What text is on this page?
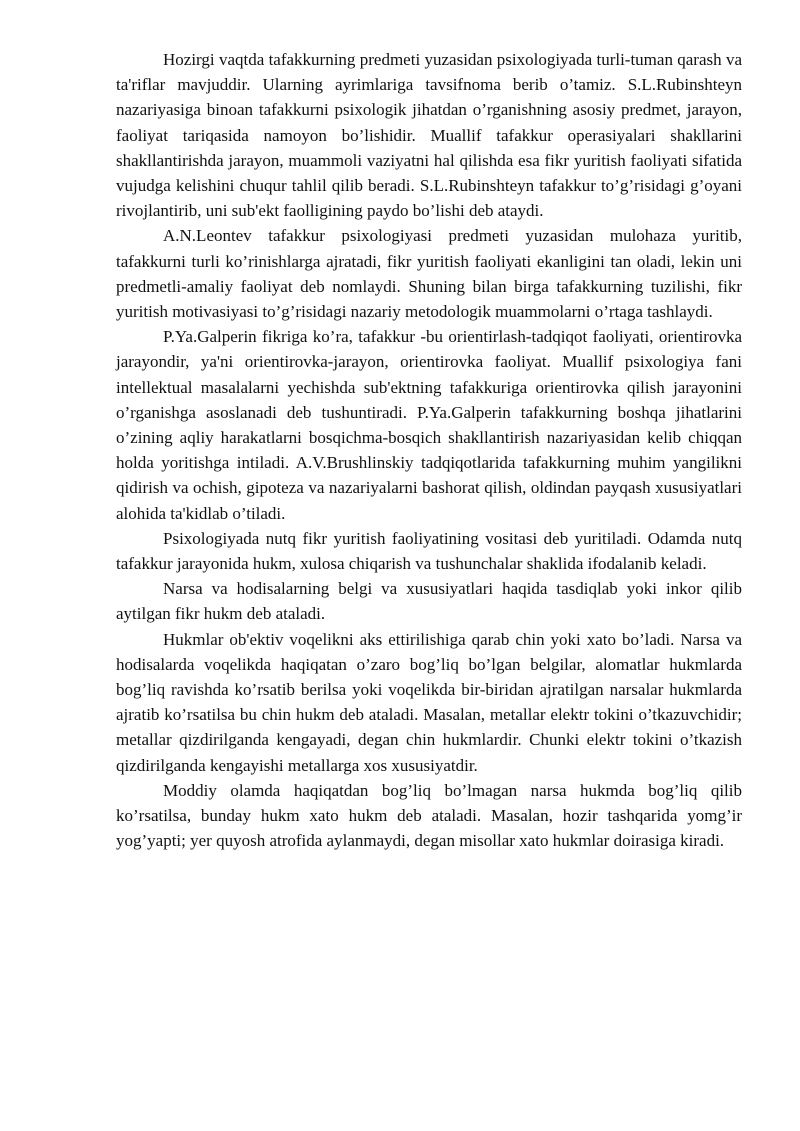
Hozirgi vaqtda tafakkurning predmeti yuzasidan psixologiyada turli-tuman qarash va ta'riflar mavjuddir. Ularning ayrimlariga tavsifnoma berib o’tamiz. S.L.Rubinshteyn nazariyasiga binoan tafakkurni psixologik jihatdan o’rganishning asosiy predmet, jarayon, faoliyat tariqasida namoyon bo’lishidir. Muallif tafakkur operasiyalari shakllarini shakllantirishda jarayon, muammoli vaziyatni hal qilishda esa fikr yuritish faoliyati sifatida vujudga kelishini chuqur tahlil qilib beradi. S.L.Rubinshteyn tafakkur to’g’risidagi g’oyani rivojlantirib, uni sub'ekt faolligining paydo bo’lishi deb ataydi.

A.N.Leontev tafakkur psixologiyasi predmeti yuzasidan mulohaza yuritib, tafakkurni turli ko’rinishlarga ajratadi, fikr yuritish faoliyati ekanligini tan oladi, lekin uni predmetli-amaliy faoliyat deb nomlaydi. Shuning bilan birga tafakkurning tuzilishi, fikr yuritish motivasiyasi to’g’risidagi nazariy metodologik muammolarni o’rtaga tashlaydi.

P.Ya.Galperin fikriga ko’ra, tafakkur -bu orientirlash-tadqiqot faoliyati, orientirovka jarayondir, ya'ni orientirovka-jarayon, orientirovka faoliyat. Muallif psixologiya fani intellektual masalalarni yechishda sub'ektning tafakkuriga orientirovka qilish jarayonini o’rganishga asoslanadi deb tushuntiradi. P.Ya.Galperin tafakkurning boshqa jihatlarini o’zining aqliy harakatlarni bosqichma-bosqich shakllantirish nazariyasidan kelib chiqqan holda yoritishga intiladi. A.V.Brushlinskiy tadqiqotlarida tafakkurning muhim yangilikni qidirish va ochish, gipoteza va nazariyalarni bashorat qilish, oldindan payqash xususiyatlari alohida ta'kidlab o’tiladi.

Psixologiyada nutq fikr yuritish faoliyatining vositasi deb yuritiladi. Odamda nutq tafakkur jarayonida hukm, xulosa chiqarish va tushunchalar shaklida ifodalanib keladi.

Narsa va hodisalarning belgi va xususiyatlari haqida tasdiqlab yoki inkor qilib aytilgan fikr hukm deb ataladi.

Hukmlar ob'ektiv voqelikni aks ettirilishiga qarab chin yoki xato bo’ladi. Narsa va hodisalarda voqelikda haqiqatan o’zaro bog’liq bo’lgan belgilar, alomatlar hukmlarda bog’liq ravishda ko’rsatib berilsa yoki voqelikda bir-biridan ajratilgan narsalar hukmlarda ajratib ko’rsatilsa bu chin hukm deb ataladi. Masalan, metallar elektr tokini o’tkazuvchidir; metallar qizdirilganda kengayadi, degan chin hukmlardir. Chunki elektr tokini o’tkazish qizdirilganda kengayishi metallarga xos xususiyatdir.

Moddiy olamda haqiqatdan bog’liq bo’lmagan narsa hukmda bog’liq qilib ko’rsatilsa, bunday hukm xato hukm deb ataladi. Masalan, hozir tashqarida yomg’ir yog’yapti; yer quyosh atrofida aylanmaydi, degan misollar xato hukmlar doirasiga kiradi.
